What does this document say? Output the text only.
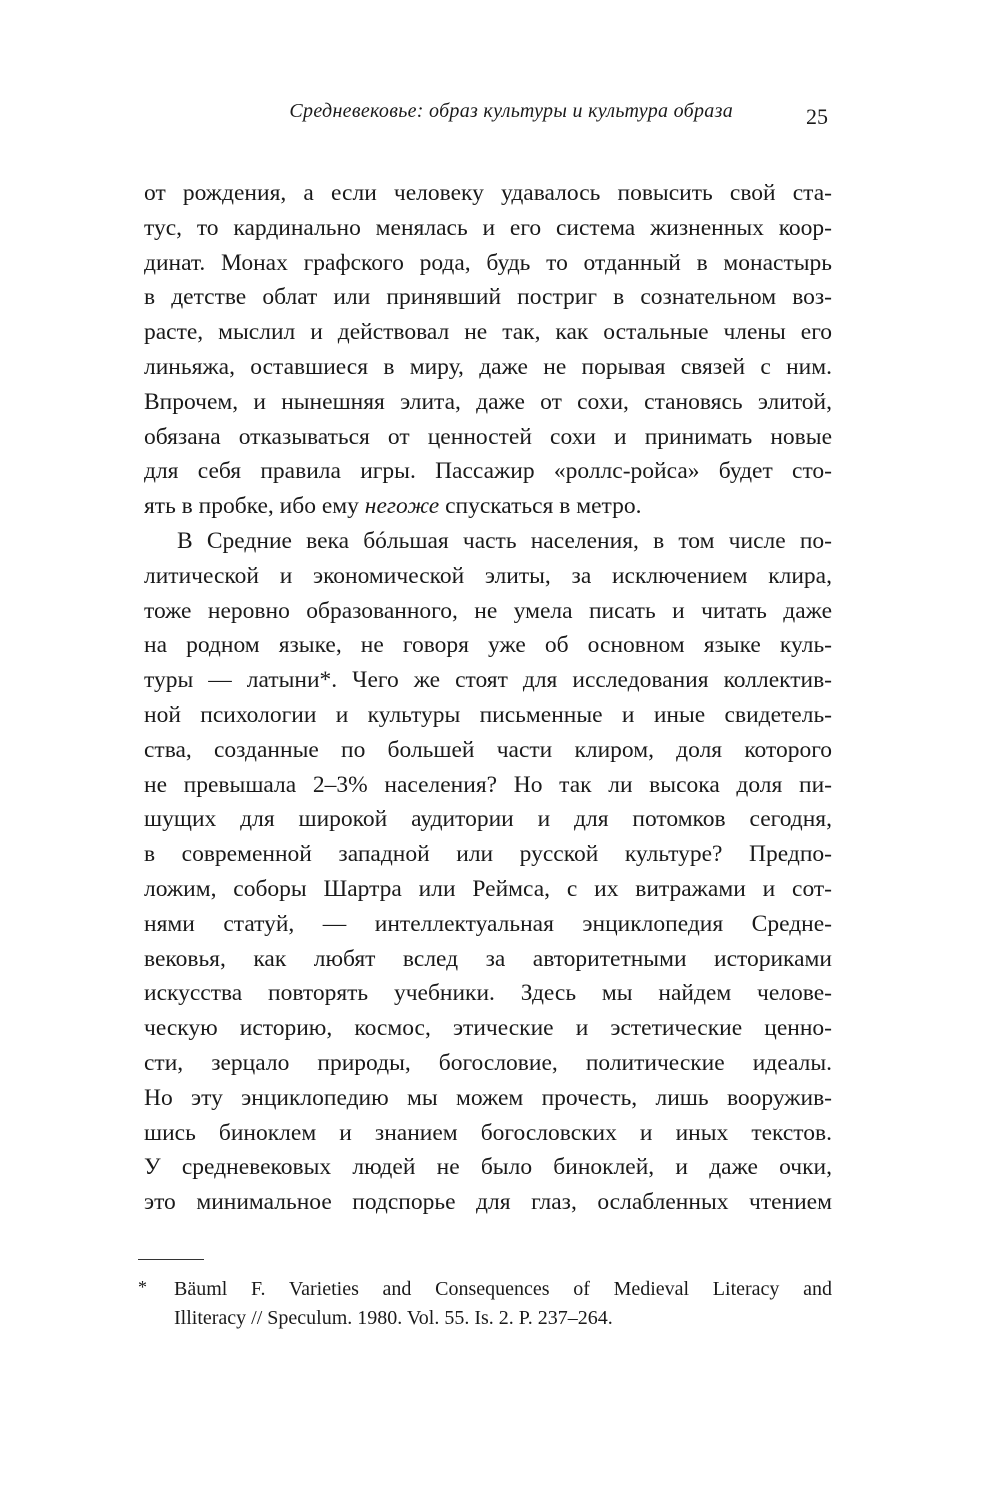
Средневековье: образ культуры и культура образа	25
от рождения, а если человеку удавалось повысить свой ста-
тус, то кардинально менялась и его система жизненных коор-
динат. Монах графского рода, будь то отданный в монастырь
в детстве облат или принявший постриг в сознательном воз-
расте, мыслил и действовал не так, как остальные члены его
линьяжа, оставшиеся в миру, даже не порывая связей с ним.
Впрочем, и нынешняя элита, даже от сохи, становясь элитой,
обязана отказываться от ценностей сохи и принимать новые
для себя правила игры. Пассажир «роллс-ройса» будет сто-
ять в пробке, ибо ему негоже спускаться в метро.
В Средние века бóльшая часть населения, в том числе по-
литической и экономической элиты, за исключением клира,
тоже неровно образованного, не умела писать и читать даже
на родном языке, не говоря уже об основном языке куль-
туры — латыни*. Чего же стоят для исследования коллектив-
ной психологии и культуры письменные и иные свидетель-
ства, созданные по большей части клиром, доля которого
не превышала 2–3% населения? Но так ли высока доля пи-
шущих для широкой аудитории и для потомков сегодня,
в современной западной или русской культуре? Предпо-
ложим, соборы Шартра или Реймса, с их витражами и сот-
нями статуй, — интеллектуальная энциклопедия Средне-
вековья, как любят вслед за авторитетными историками
искусства повторять учебники. Здесь мы найдем челове-
ческую историю, космос, этические и эстетические ценно-
сти, зерцало природы, богословие, политические идеалы.
Но эту энциклопедию мы можем прочесть, лишь вооружив-
шись биноклем и знанием богословских и иных текстов.
У средневековых людей не было биноклей, и даже очки,
это минимальное подспорье для глаз, ослабленных чтением
* Bäuml F. Varieties and Consequences of Medieval Literacy and
Illiteracy // Speculum. 1980. Vol. 55. Is. 2. P. 237–264.
